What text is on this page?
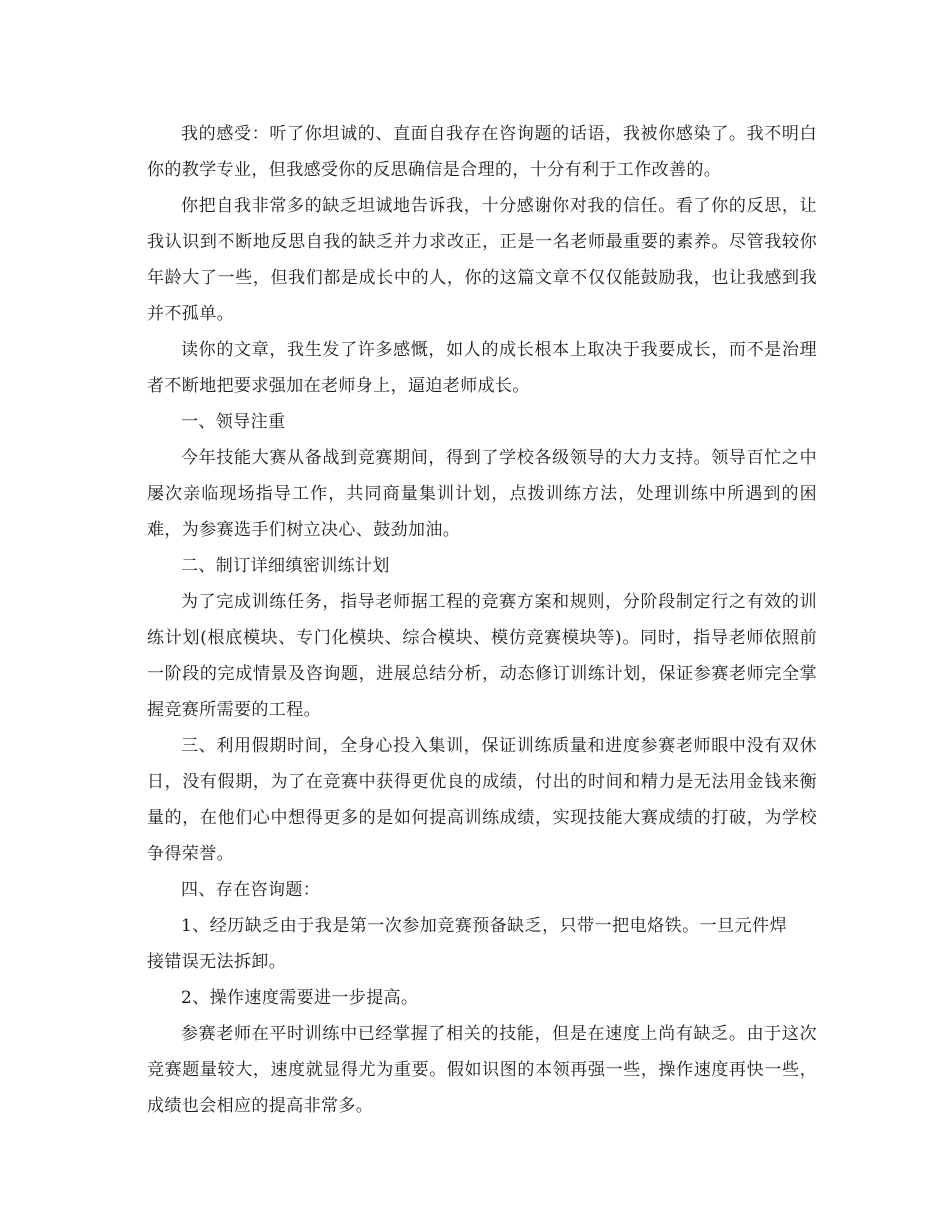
我的感受：听了你坦诚的、直面自我存在咨询题的话语，我被你感染了。我不明白你的教学专业，但我感受你的反思确信是合理的，十分有利于工作改善的。

你把自我非常多的缺乏坦诚地告诉我，十分感谢你对我的信任。看了你的反思，让我认识到不断地反思自我的缺乏并力求改正，正是一名老师最重要的素养。尽管我较你年龄大了一些，但我们都是成长中的人，你的这篇文章不仅仅能鼓励我，也让我感到我并不孤单。

读你的文章，我生发了许多感慨，如人的成长根本上取决于我要成长，而不是治理者不断地把要求强加在老师身上，逼迫老师成长。

一、领导注重

今年技能大赛从备战到竞赛期间，得到了学校各级领导的大力支持。领导百忙之中屡次亲临现场指导工作，共同商量集训计划，点拨训练方法，处理训练中所遇到的困难，为参赛选手们树立决心、鼓劲加油。

二、制订详细缜密训练计划

为了完成训练任务，指导老师据工程的竞赛方案和规则，分阶段制定行之有效的训练计划(根底模块、专门化模块、综合模块、模仿竞赛模块等)。同时，指导老师依照前一阶段的完成情景及咨询题，进展总结分析，动态修订训练计划，保证参赛老师完全掌握竞赛所需要的工程。

三、利用假期时间，全身心投入集训，保证训练质量和进度参赛老师眼中没有双休日，没有假期，为了在竞赛中获得更优良的成绩，付出的时间和精力是无法用金钱来衡量的，在他们心中想得更多的是如何提高训练成绩，实现技能大赛成绩的打破，为学校争得荣誉。

四、存在咨询题：

1、经历缺乏由于我是第一次参加竞赛预备缺乏，只带一把电烙铁。一旦元件焊接错误无法拆卸。

2、操作速度需要进一步提高。

参赛老师在平时训练中已经掌握了相关的技能，但是在速度上尚有缺乏。由于这次竞赛题量较大，速度就显得尤为重要。假如识图的本领再强一些，操作速度再快一些，成绩也会相应的提高非常多。
